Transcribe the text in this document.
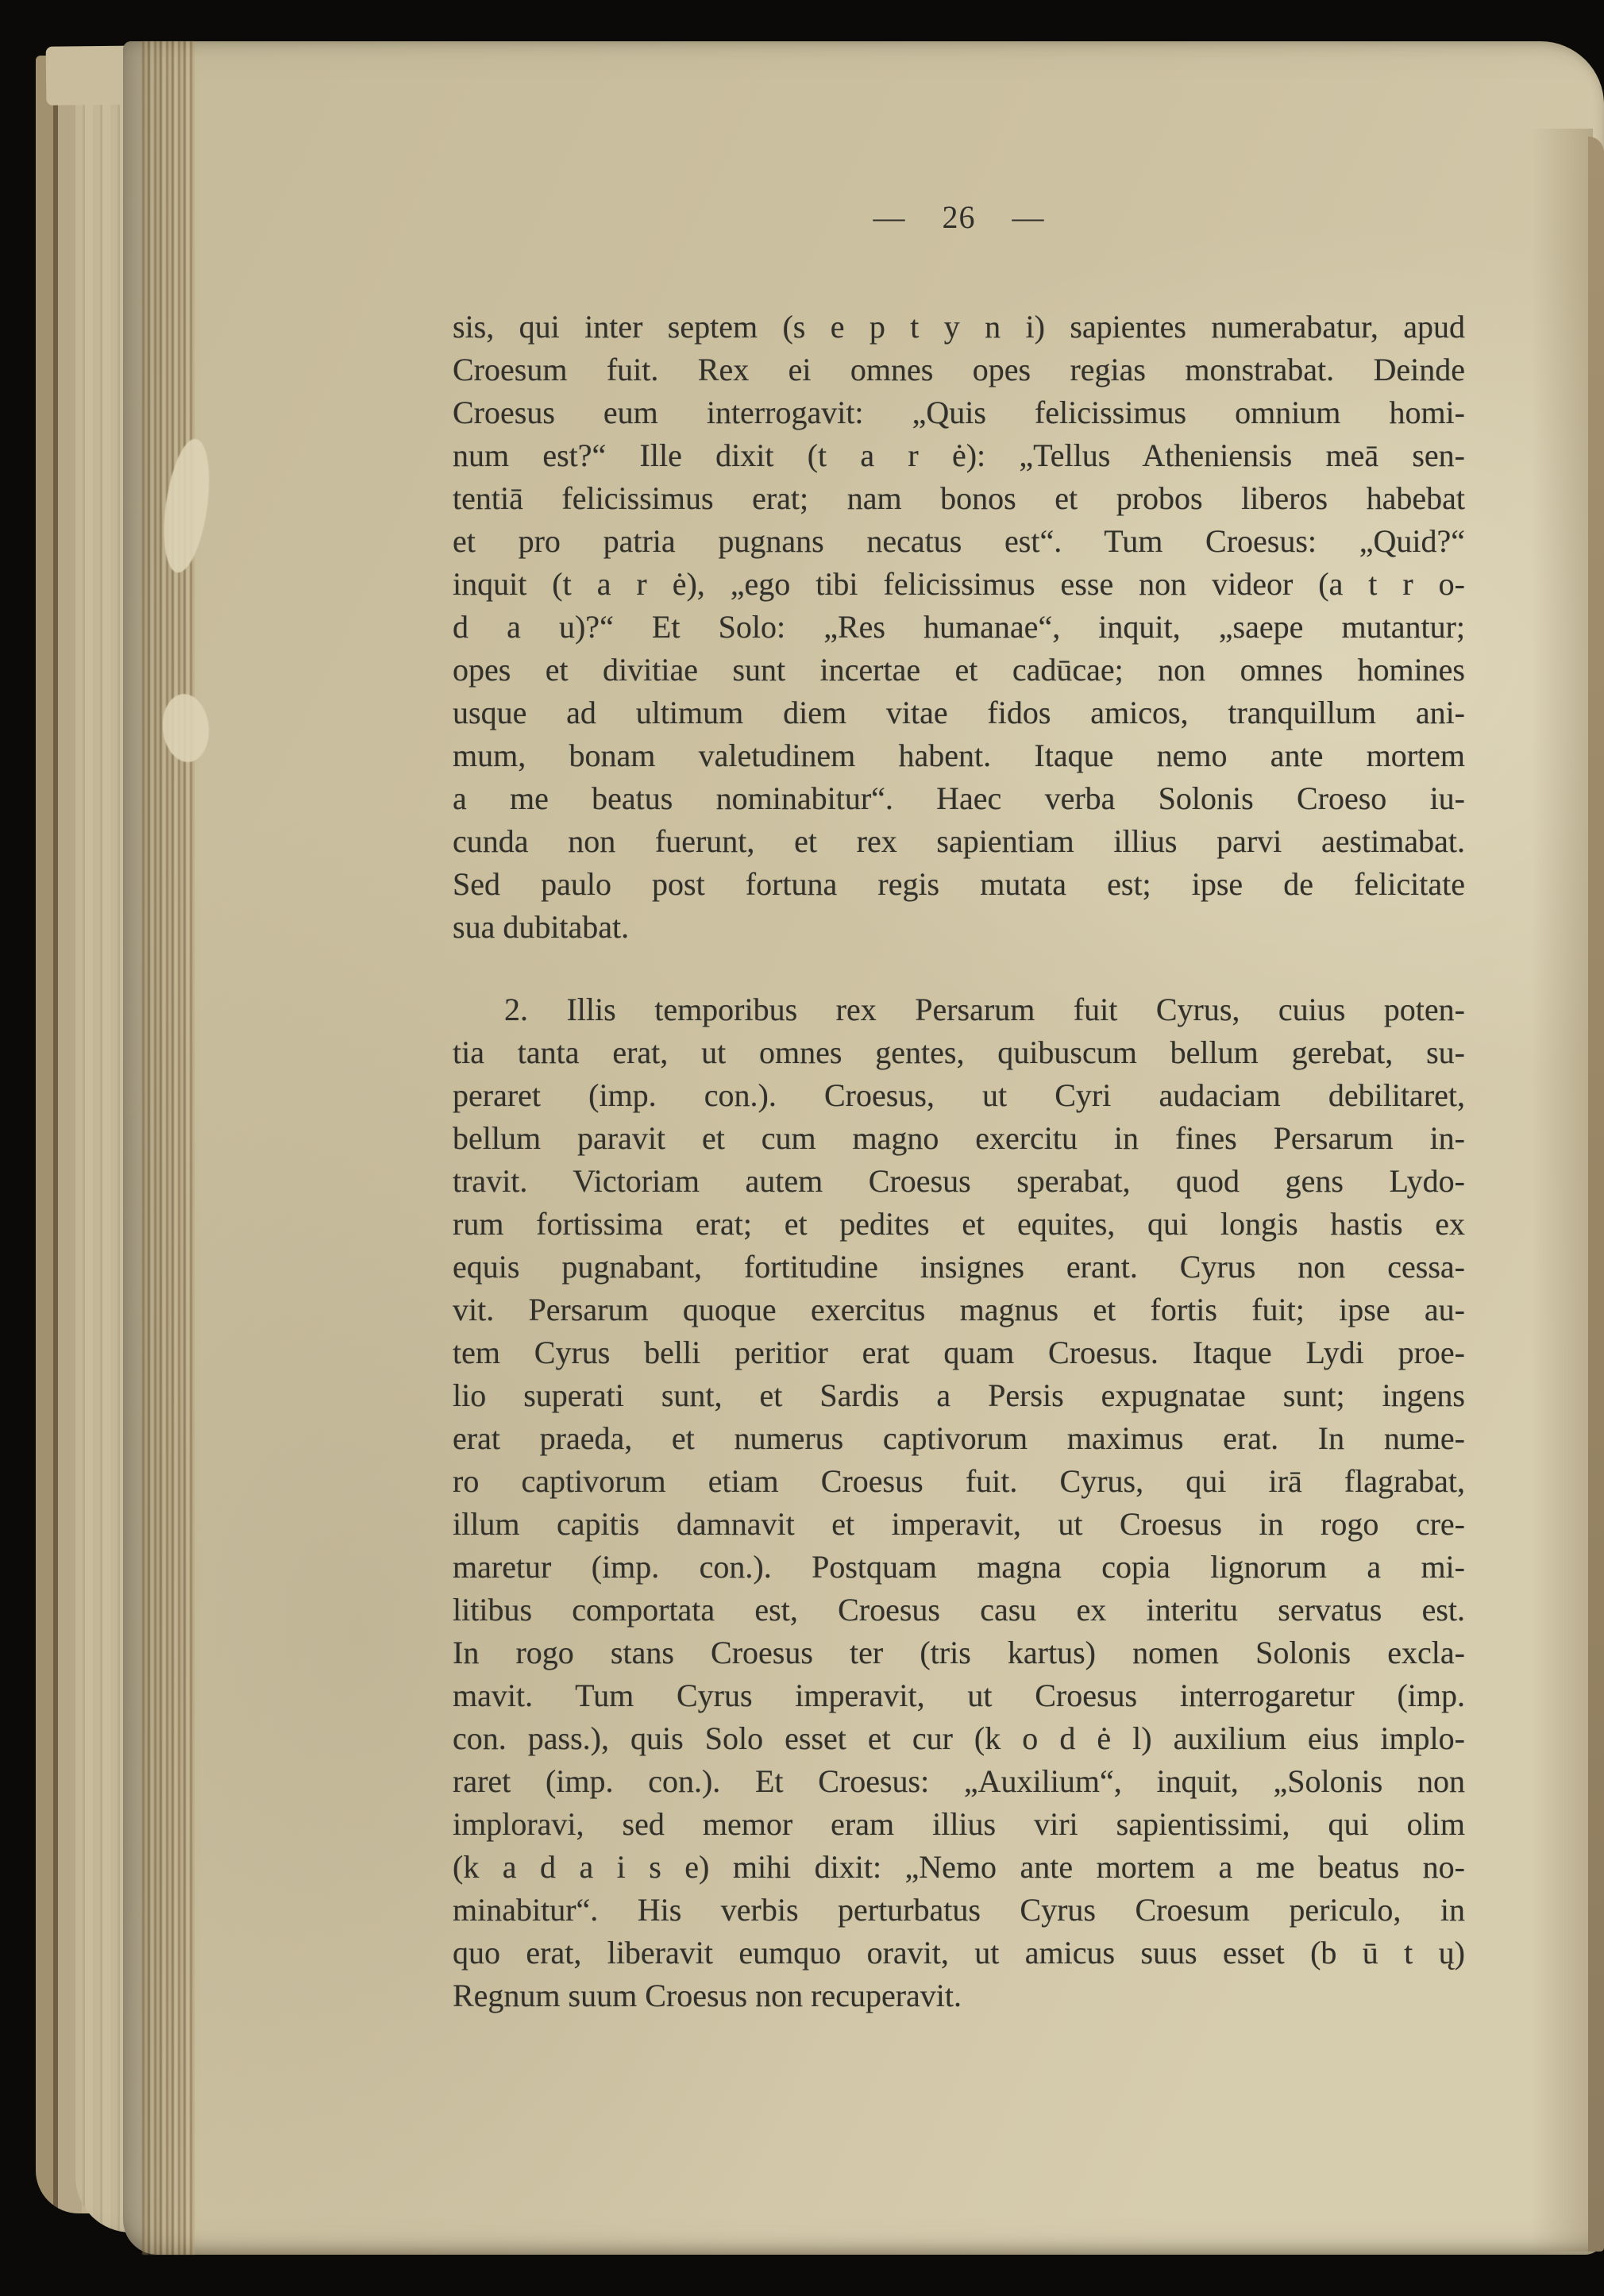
— 26 —
sis, qui inter septem (s e p t y n i) sapientes numerabatur, apud
Croesum fuit. Rex ei omnes opes regias monstrabat. Deinde
Croesus eum interrogavit: „Quis felicissimus omnium homi-
num est?“ Ille dixit (t a r ė): „Tellus Atheniensis meā sen-
tentiā felicissimus erat; nam bonos et probos liberos habebat
et pro patria pugnans necatus est“. Tum Croesus: „Quid?“
inquit (t a r ė), „ego tibi felicissimus esse non videor (a t r o-
d a u)?“ Et Solo: „Res humanae“, inquit, „saepe mutantur;
opes et divitiae sunt incertae et cadūcae; non omnes homines
usque ad ultimum diem vitae fidos amicos, tranquillum ani-
mum, bonam valetudinem habent. Itaque nemo ante mortem
a me beatus nominabitur“. Haec verba Solonis Croeso iu-
cunda non fuerunt, et rex sapientiam illius parvi aestimabat.
Sed paulo post fortuna regis mutata est; ipse de felicitate
sua dubitabat.
2. Illis temporibus rex Persarum fuit Cyrus, cuius poten-
tia tanta erat, ut omnes gentes, quibuscum bellum gerebat, su-
peraret (imp. con.). Croesus, ut Cyri audaciam debilitaret,
bellum paravit et cum magno exercitu in fines Persarum in-
travit. Victoriam autem Croesus sperabat, quod gens Lydo-
rum fortissima erat; et pedites et equites, qui longis hastis ex
equis pugnabant, fortitudine insignes erant. Cyrus non cessa-
vit. Persarum quoque exercitus magnus et fortis fuit; ipse au-
tem Cyrus belli peritior erat quam Croesus. Itaque Lydi proe-
lio superati sunt, et Sardis a Persis expugnatae sunt; ingens
erat praeda, et numerus captivorum maximus erat. In nume-
ro captivorum etiam Croesus fuit. Cyrus, qui irā flagrabat,
illum capitis damnavit et imperavit, ut Croesus in rogo cre-
maretur (imp. con.). Postquam magna copia lignorum a mi-
litibus comportata est, Croesus casu ex interitu servatus est.
In rogo stans Croesus ter (tris kartus) nomen Solonis excla-
mavit. Tum Cyrus imperavit, ut Croesus interrogaretur (imp.
con. pass.), quis Solo esset et cur (k o d ė l) auxilium eius implo-
raret (imp. con.). Et Croesus: „Auxilium“, inquit, „Solonis non
imploravi, sed memor eram illius viri sapientissimi, qui olim
(k a d a i s e) mihi dixit: „Nemo ante mortem a me beatus no-
minabitur“. His verbis perturbatus Cyrus Croesum periculo, in
quo erat, liberavit eumquo oravit, ut amicus suus esset (b ū t ų)
Regnum suum Croesus non recuperavit.
